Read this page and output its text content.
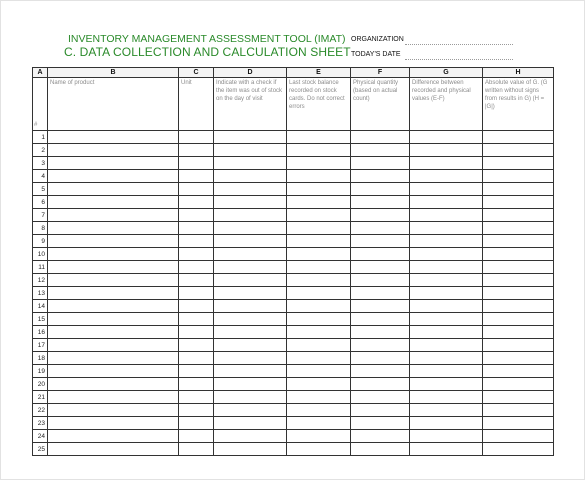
INVENTORY MANAGEMENT ASSESSMENT TOOL (IMAT)
C. DATA COLLECTION AND CALCULATION SHEET
ORGANIZATION
TODAY'S DATE
A	B	C	D	E	F	G	H
#	Name of product	Unit	Indicate with a check if the item was out of stock on the day of visit	Last stock balance recorded on stock cards. Do not correct errors	Physical quantity (based on actual count)	Difference between recorded and physical values (E-F)	Absolute value of G. (G written without signs from results in G) (H = |G|)
1							
2							
3							
4							
5							
6							
7							
8							
9							
10							
11							
12							
13							
14							
15							
16							
17							
18							
19							
20							
21							
22							
23							
24							
25							
